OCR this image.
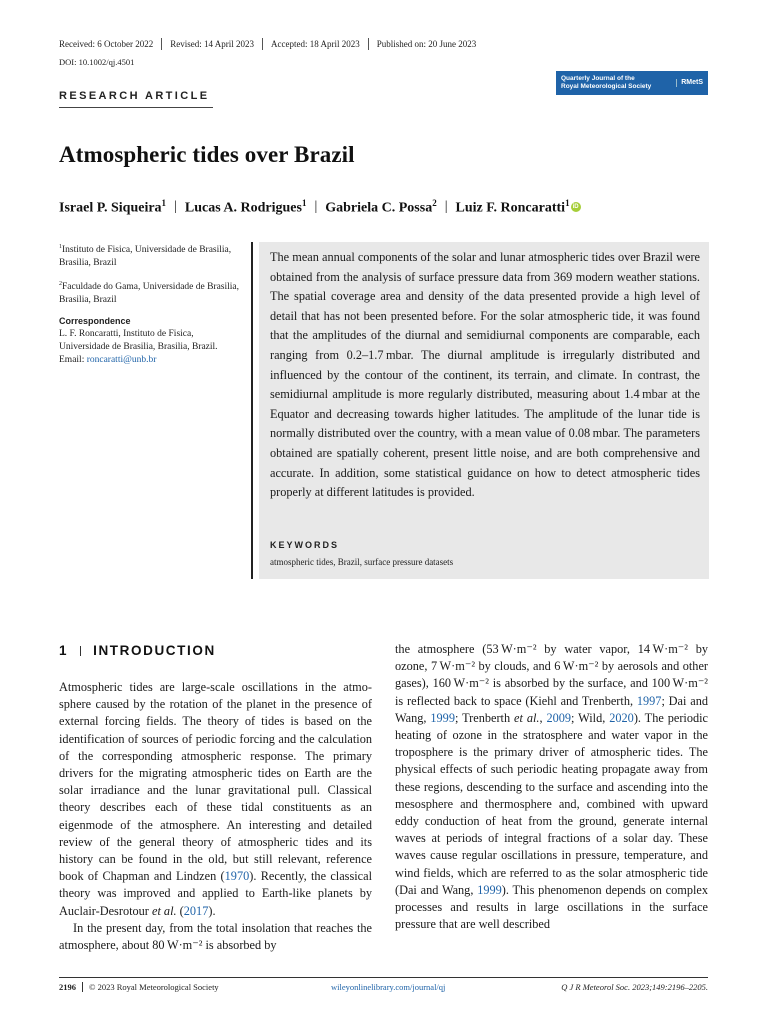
Received: 6 October 2022	Revised: 14 April 2023	Accepted: 18 April 2023	Published on: 20 June 2023
DOI: 10.1002/qj.4501
Quarterly Journal of the
Royal Meteorological Society
RMetS
RESEARCH ARTICLE
Atmospheric tides over Brazil
Israel P. Siqueira$^1$ | Lucas A. Rodrigues$^1$ | Gabriela C. Possa$^2$ | Luiz F. Roncaratti$^1$ iD

$^1$Instituto de Fisica, Universidade de Brasilia, Brasilia, Brazil

$^2$Faculdade do Gama, Universidade de Brasilia, Brasilia, Brazil

Correspondence
L. F. Roncaratti, Instituto de Fisica, Universidade de Brasilia, Brasilia, Brazil.
Email: roncaratti@unb.br
The mean annual components of the solar and lunar atmospheric tides over Brazil were obtained from the analysis of surface pressure data from 369 modern weather stations. The spatial coverage area and density of the data presented provide a high level of detail that has not been presented before. For the solar atmospheric tide, it was found that the amplitudes of the diurnal and semidiurnal components are comparable, each ranging from 0.2–1.7 mbar. The diurnal amplitude is irregularly distributed and influenced by the contour of the continent, its terrain, and climate. In contrast, the semidiurnal amplitude is more regularly distributed, measuring about 1.4 mbar at the Equator and decreasing towards higher latitudes. The amplitude of the lunar tide is normally distributed over the country, with a mean value of 0.08 mbar. The parameters obtained are spatially coherent, present little noise, and are both comprehensive and accurate. In addition, some statistical guidance on how to detect atmospheric tides properly at different latitudes is provided.
KEYWORDS
atmospheric tides, Brazil, surface pressure datasets
1 INTRODUCTION

Atmospheric tides are large-scale oscillations in the atmosphere caused by the rotation of the planet in the presence of external forcing fields. The theory of tides is based on the identification of sources of periodic forcing and the calculation of the corresponding atmospheric response. The primary drivers for the migrating atmospheric tides on Earth are the solar irradiance and the lunar gravitational pull. Classical theory describes each of these tidal constituents as an eigenmode of the atmosphere. An interesting and detailed review of the general theory of atmospheric tides and its history can be found in the old, but still relevant, reference book of Chapman and Lindzen (1970). Recently, the classical theory was improved and applied to Earth-like planets by Auclair-Desrotour et al. (2017).

In the present day, from the total insolation that reaches the atmosphere, about 80 W·m⁻² is absorbed by

the atmosphere (53 W·m⁻² by water vapor, 14 W·m⁻² by ozone, 7 W·m⁻² by clouds, and 6 W·m⁻² by aerosols and other gases), 160 W·m⁻² is absorbed by the surface, and 100 W·m⁻² is reflected back to space (Kiehl and Trenberth, 1997; Dai and Wang, 1999; Trenberth et al., 2009; Wild, 2020). The periodic heating of ozone in the stratosphere and water vapor in the troposphere is the primary driver of atmospheric tides. The physical effects of such periodic heating propagate away from these regions, descending to the surface and ascending into the mesosphere and thermosphere and, combined with upward eddy conduction of heat from the ground, generate internal waves at periods of integral fractions of a solar day. These waves cause regular oscillations in pressure, temperature, and wind fields, which are referred to as the solar atmospheric tide (Dai and Wang, 1999). This phenomenon depends on complex processes and results in large oscillations in the surface pressure that are well described

2196	© 2023 Royal Meteorological Society	wileyonlinelibrary.com/journal/qj	Q J R Meteorol Soc. 2023;149:2196–2205.
